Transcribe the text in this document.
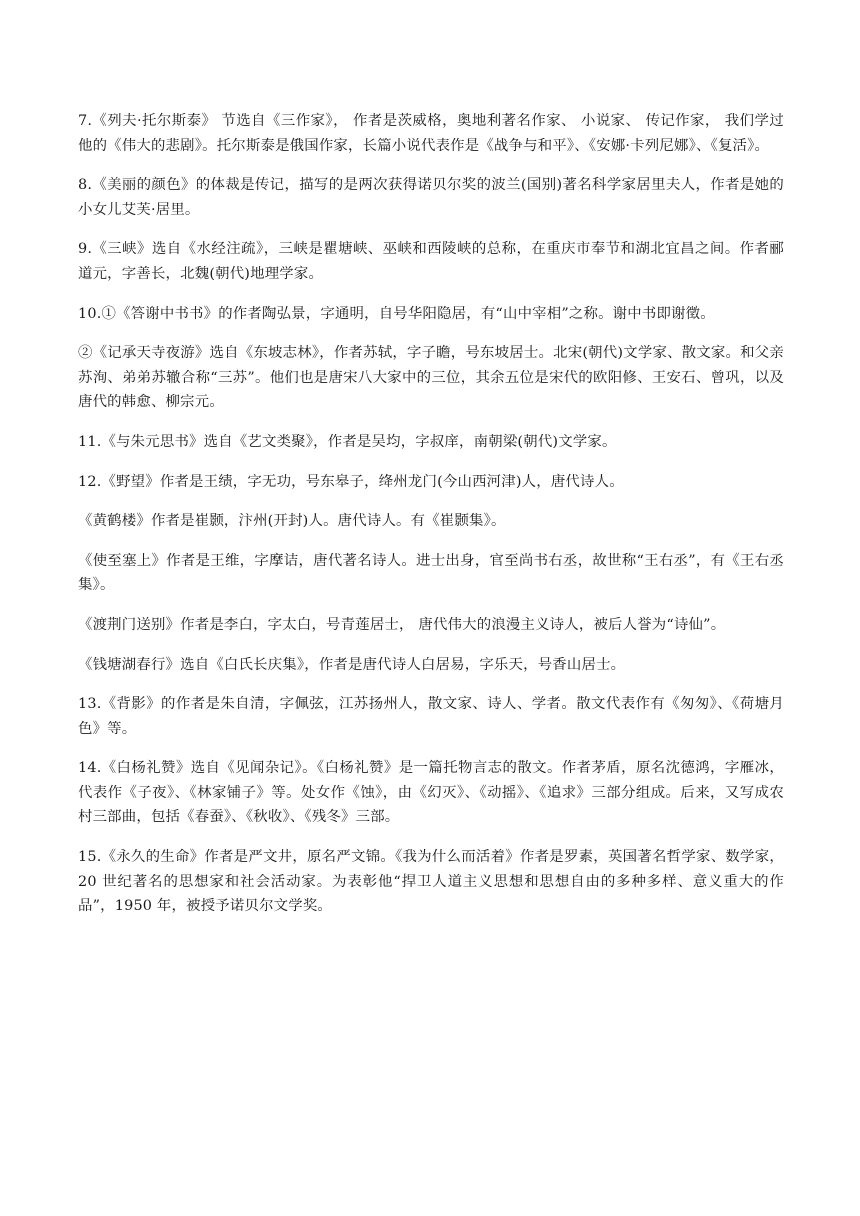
7.《列夫·托尔斯泰》 节选自《三作家》， 作者是茨威格，奥地利著名作家、 小说家、 传记作家， 我们学过他的《伟大的悲剧》。托尔斯泰是俄国作家，长篇小说代表作是《战争与和平》、《安娜·卡列尼娜》、《复活》。

8.《美丽的颜色》的体裁是传记，描写的是两次获得诺贝尔奖的波兰(国别)著名科学家居里夫人，作者是她的小女儿艾芙·居里。

9.《三峡》选自《水经注疏》，三峡是瞿塘峡、巫峡和西陵峡的总称，在重庆市奉节和湖北宜昌之间。作者郦道元，字善长，北魏(朝代)地理学家。

10.①《答谢中书书》的作者陶弘景，字通明，自号华阳隐居，有“山中宰相”之称。谢中书即谢徵。

②《记承天寺夜游》选自《东坡志林》，作者苏轼，字子瞻，号东坡居士。北宋(朝代)文学家、散文家。和父亲苏洵、弟弟苏辙合称“三苏”。他们也是唐宋八大家中的三位，其余五位是宋代的欧阳修、王安石、曾巩，以及唐代的韩愈、柳宗元。

11.《与朱元思书》选自《艺文类聚》，作者是吴均，字叔庠，南朝梁(朝代)文学家。

12.《野望》作者是王绩，字无功，号东皋子，绛州龙门(今山西河津)人，唐代诗人。

《黄鹤楼》作者是崔颢，汴州(开封)人。唐代诗人。有《崔颢集》。

《使至塞上》作者是王维，字摩诘，唐代著名诗人。进士出身，官至尚书右丞，故世称“王右丞”，有《王右丞集》。

《渡荆门送别》作者是李白，字太白，号青莲居士， 唐代伟大的浪漫主义诗人，被后人誉为“诗仙”。

《钱塘湖春行》选自《白氏长庆集》，作者是唐代诗人白居易，字乐天，号香山居士。

13.《背影》的作者是朱自清，字佩弦，江苏扬州人，散文家、诗人、学者。散文代表作有《匆匆》、《荷塘月色》等。

14.《白杨礼赞》选自《见闻杂记》。《白杨礼赞》是一篇托物言志的散文。作者茅盾，原名沈德鸿，字雁冰，代表作《子夜》、《林家铺子》等。处女作《蚀》，由《幻灭》、《动摇》、《追求》三部分组成。后来，又写成农村三部曲，包括《春蚕》、《秋收》、《残冬》三部。

15.《永久的生命》作者是严文井，原名严文锦。《我为什么而活着》作者是罗素，英国著名哲学家、数学家，20 世纪著名的思想家和社会活动家。为表彰他“捍卫人道主义思想和思想自由的多种多样、意义重大的作品”，1950 年，被授予诺贝尔文学奖。
